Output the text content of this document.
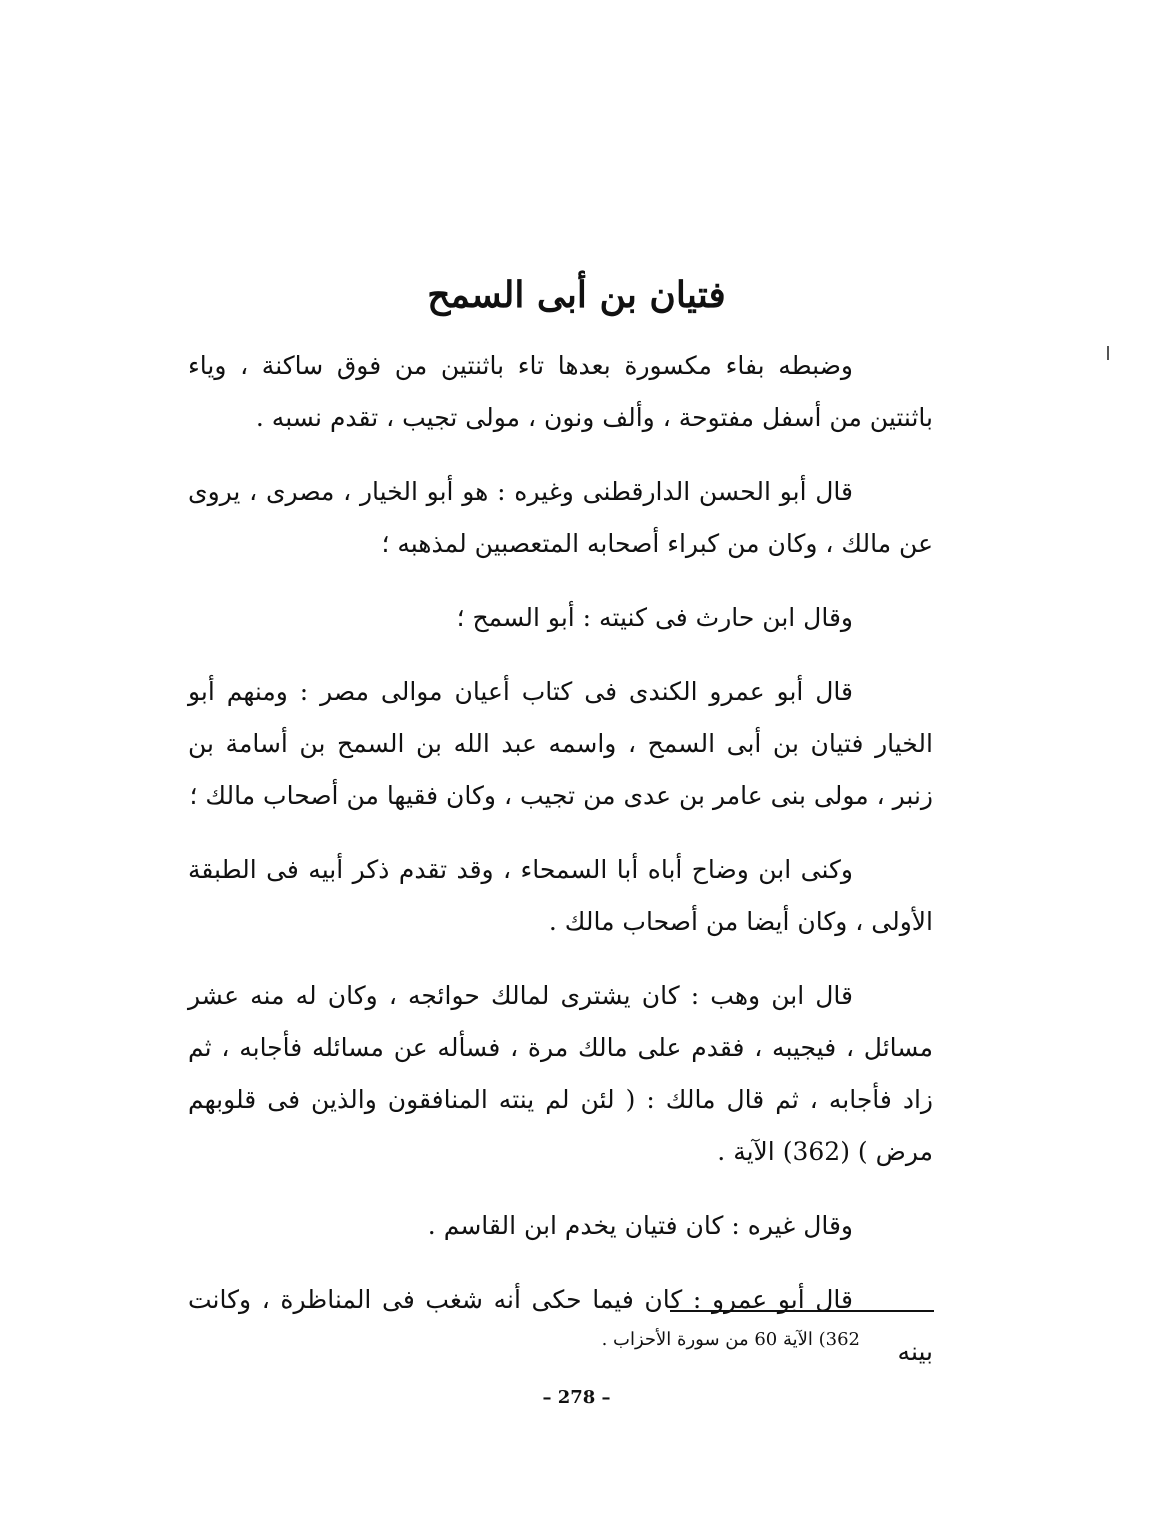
فتيان بن أبى السمح

وضبطه بفاء مكسورة بعدها تاء باثنتين من فوق ساكنة ، وياء باثنتين من أسفل مفتوحة ، وألف ونون ، مولى تجيب ، تقدم نسبه .

قال أبو الحسن الدارقطنى وغيره : هو أبو الخيار ، مصرى ، يروى عن مالك ، وكان من كبراء أصحابه المتعصبين لمذهبه ؛

وقال ابن حارث فى كنيته : أبو السمح ؛

قال أبو عمرو الكندى فى كتاب أعيان موالى مصر : ومنهم أبو الخيار فتيان بن أبى السمح ، واسمه عبد الله بن السمح بن أسامة بن زنبر ، مولى بنى عامر بن عدى من تجيب ، وكان فقيها من أصحاب مالك ؛

وكنى ابن وضاح أباه أبا السمحاء ، وقد تقدم ذكر أبيه فى الطبقة الأولى ، وكان أيضا من أصحاب مالك .

قال ابن وهب : كان يشترى لمالك حوائجه ، وكان له منه عشر مسائل ، فيجيبه ، فقدم على مالك مرة ، فسأله عن مسائله فأجابه ، ثم زاد فأجابه ، ثم قال مالك : ( لئن لم ينته المنافقون والذين فى قلوبهم مرض ) (362) الآية .

وقال غيره : كان فتيان يخدم ابن القاسم .

قال أبو عمرو : كان فيما حكى أنه شغب فى المناظرة ، وكانت بينه

362) الآية 60 من سورة الأحزاب .
– 278 –
